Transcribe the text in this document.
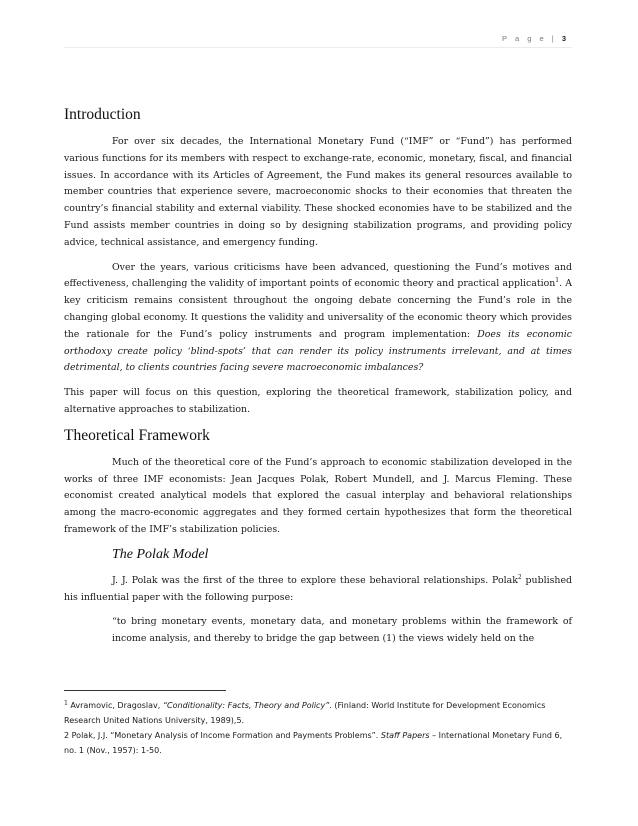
P a g e | 3
Introduction

For over six decades, the International Monetary Fund (“IMF” or “Fund”) has performed various functions for its members with respect to exchange-rate, economic, monetary, fiscal, and financial issues. In accordance with its Articles of Agreement, the Fund makes its general resources available to member countries that experience severe, macroeconomic shocks to their economies that threaten the country’s financial stability and external viability. These shocked economies have to be stabilized and the Fund assists member countries in doing so by designing stabilization programs, and providing policy advice, technical assistance, and emergency funding.

Over the years, various criticisms have been advanced, questioning the Fund’s motives and effectiveness, challenging the validity of important points of economic theory and practical application$^1$. A key criticism remains consistent throughout the ongoing debate concerning the Fund’s role in the changing global economy. It questions the validity and universality of the economic theory which provides the rationale for the Fund’s policy instruments and program implementation: Does its economic orthodoxy create policy ‘blind-spots’ that can render its policy instruments irrelevant, and at times detrimental, to clients countries facing severe macroeconomic imbalances?

This paper will focus on this question, exploring the theoretical framework, stabilization policy, and alternative approaches to stabilization.

Theoretical Framework

Much of the theoretical core of the Fund’s approach to economic stabilization developed in the works of three IMF economists: Jean Jacques Polak, Robert Mundell, and J. Marcus Fleming. These economist created analytical models that explored the casual interplay and behavioral relationships among the macro-economic aggregates and they formed certain hypothesizes that form the theoretical framework of the IMF’s stabilization policies.

The Polak Model

J. J. Polak was the first of the three to explore these behavioral relationships. Polak$^2$ published his influential paper with the following purpose:

“to bring monetary events, monetary data, and monetary problems within the framework of income analysis, and thereby to bridge the gap between (1) the views widely held on the

$^1$ Avramovic, Dragoslav, “Conditionality: Facts, Theory and Policy”. (Finland: World Institute for Development Economics Research United Nations University, 1989),5.
2 Polak, J.J. “Monetary Analysis of Income Formation and Payments Problems”. Staff Papers – International Monetary Fund 6, no. 1 (Nov., 1957): 1-50.
